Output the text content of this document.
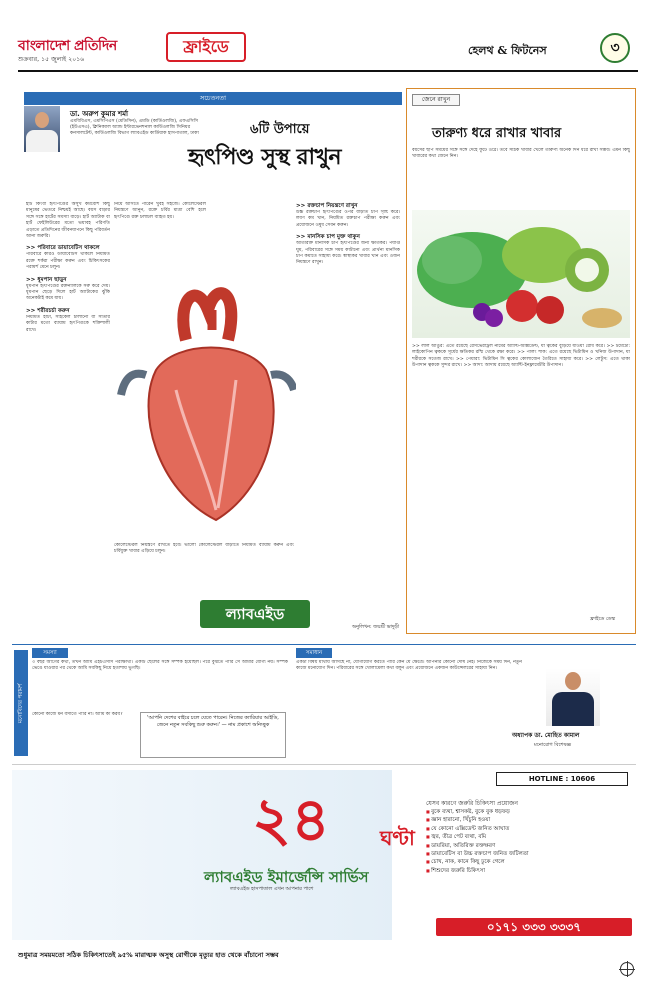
বাংলাদেশ প্রতিদিন
শুক্রবার, ১৫ জুলাই ২০১৬
ফ্রাইডে	হেলথ & ফিটনেস	৩
সচেতনতা
ডা. অরুপ কুমার শর্মা
এমবিবিএস, এমসিপিএস (মেডিসিন), এমডি (কার্ডিওলজি), এফএসিসি (ইউএসএ), ক্লিনিক্যাল অ্যান্ড ইন্টারভেনশনাল কার্ডিওলজি সিনিয়র কনসালটেন্ট, কার্ডিওলজি বিভাগ ল্যাবএইড কার্ডিয়াক হাসপাতাল, ঢাকা	৬টি উপায়ে
হৃৎপিণ্ড সুস্থ রাখুন
হার্ট কিংবা হৃৎপিণ্ডের অসুখ কমবেশি কিছু মানুষের ভেতরে নিশ্চয়ই আছে। বয়স বাড়ার সঙ্গে সঙ্গে হার্টের সমস্যা বাড়ে। হার্ট অ্যাটাক বা হার্ট ফেইলিউরের মতো ভয়াবহ পরিণতি এড়াতে প্রতিদিনের জীবনযাপনে কিছু পরিবর্তন আনা জরুরি।
>> পরিবারে ডায়াবেটিস থাকলে
পরিবারে কারও ডায়াবেটিস থাকলে নিয়মিত রক্তে শর্করা পরীক্ষা করুন এবং চিকিৎসকের পরামর্শ মেনে চলুন।
>> ধূমপান ছাড়ুন
ধূমপান হৃৎপিণ্ডের রক্তনালিকে সরু করে দেয়। ধূমপান ছেড়ে দিলে হার্ট অ্যাটাকের ঝুঁকি অনেকটাই কমে যায়।
>> শরীরচর্চা করুন
নিয়মিত হাঁটা, সাইকেল চালানো বা সাঁতার কাটার মতো ব্যায়াম হৃৎপিণ্ডকে শক্তিশালী রাখে।
নিয়ে আসতে পারেন খুবই সহজে। কোলেস্টেরল নিয়ন্ত্রণে আনুন, রক্তে চর্বির মাত্রা বেশি হলে হৃৎপিণ্ডে রক্ত চলাচল ব্যাহত হয়।
>> রক্তচাপ নিয়ন্ত্রণে রাখুন
উচ্চ রক্তচাপ হৃৎপিণ্ডের ওপর বাড়তি চাপ সৃষ্টি করে। লবণ কম খান, নিয়মিত রক্তচাপ পরীক্ষা করুন এবং প্রয়োজনে ওষুধ সেবন করুন।
>> মানসিক চাপ মুক্ত থাকুন
অতিরিক্ত মানসিক চাপ হৃৎপিণ্ডের জন্য ক্ষতিকর। পর্যাপ্ত ঘুম, পরিবারের সঙ্গে সময় কাটানো এবং প্রার্থনা মানসিক চাপ কমাতে সাহায্য করে। স্বাস্থ্যকর খাবার খান এবং ওজন নিয়ন্ত্রণে রাখুন।
কোলেস্টেরল নিয়ন্ত্রণে রাখতে হবে। ভালো কোলেস্টেরল বাড়াতে নিয়মিত ব্যায়াম করুন এবং চর্বিযুক্ত খাবার এড়িয়ে চলুন।
ল্যাবএইড
অনুলিখন: জয়শ্রী ভাদুড়ী
জেনে রাখুন
তারুণ্য ধরে রাখার খাবার
বয়সের ছাপ সময়ের সঙ্গে সঙ্গে দেহে ফুটে ওঠে। তবে সঠিক খাবার খেলে তারুণ্য অনেক দিন ধরে রাখা সম্ভব। এমন কিছু খাবারের কথা জেনে নিন।
>> লাল আঙুর: এতে রয়েছে রেসভেরাট্রল নামের অ্যান্টি-অক্সিডেন্ট, যা ত্বকের বুড়িয়ে যাওয়া রোধ করে। >> টমেটো: লাইকোপিন ত্বককে সূর্যের ক্ষতিকর রশ্মি থেকে রক্ষা করে। >> পালং শাক: এতে রয়েছে ভিটামিন ও খনিজ উপাদান, যা শরীরকে সতেজ রাখে। >> পেয়ারা: ভিটামিন সি ত্বকের কোলাজেন তৈরিতে সাহায্য করে। >> লেটুস: এতে থাকা উপাদান ত্বককে সুন্দর রাখে। >> আদা: আদায় রয়েছে অ্যান্টি-ইনফ্লামেটরি উপাদান।
ফ্রাইডে ডেস্ক
মনোবিদের পরামর্শ
সমস্যা	সমাধান
৩ বছর আগের কথা, তখন আমি এইচএসসি পরীক্ষার্থী। একটি ছেলের সঙ্গে সম্পর্ক হয়েছিল। পরে বুঝতে পারি সে আমার যোগ্য নয়। সম্পর্ক ভেঙে যাওয়ার পর থেকে আমি সবকিছু নিয়ে হতাশায় ভুগছি।
কোনো কাজে মন বসাতে পারি না। আমি কী করব?
'আপনি দেশের বাইরে চলে যেতে পারেন। নিজের ক্যারিয়ার আইডি, জেনে নতুন সবকিছু শুরু করুন।' — নাম প্রকাশে অনিচ্ছুক
একটা বিষয় মাথায় আসছে না, যোগাযোগ করতে পারি কেন যে ক্ষেত্রে। আপনার কোনো দোষ নেই। নিজেকে সময় দিন, নতুন কাজে মনোযোগ দিন। পরিবারের সঙ্গে খোলামেলা কথা বলুন এবং প্রয়োজনে একজন কাউন্সেলরের সাহায্য নিন।
অধ্যাপক ডা. মোহিত কামাল
মনোরোগ বিশেষজ্ঞ
HOTLINE : 10606
২৪	ঘণ্টা
ল্যাবএইড ইমার্জেন্সি সার্ভিস
ল্যাবএইড হাসপাতাল এখন আপনার পাশে
যেসব কারণে জরুরি চিকিৎসা প্রয়োজন
■ বুকে ব্যথা, শ্বাসকষ্ট, বুকে বুক ধড়ফড়
■ জ্ঞান হারানো, খিঁচুনি হওয়া
■ যে কোনো এক্সিডেন্ট জনিত আঘাত
■ জ্বর, তীব্র পেট ব্যথা, বমি
■ ডায়রিয়া, অতিরিক্ত রক্তক্ষরণ
■ ডায়াবেটিস বা উচ্চ রক্তচাপ জনিত জটিলতা
■ চোখ, নাক, কানে কিছু ঢুকে গেলে
■ শিশুদের জরুরি চিকিৎসা
০১৭১ ৩৩৩ ৩৩৩৭
শুধুমাত্র সময়মতো সঠিক চিকিৎসাতেই ৯৫% মারাত্মক অসুস্থ রোগীকে মৃত্যুর হাত থেকে বাঁচানো সম্ভব
